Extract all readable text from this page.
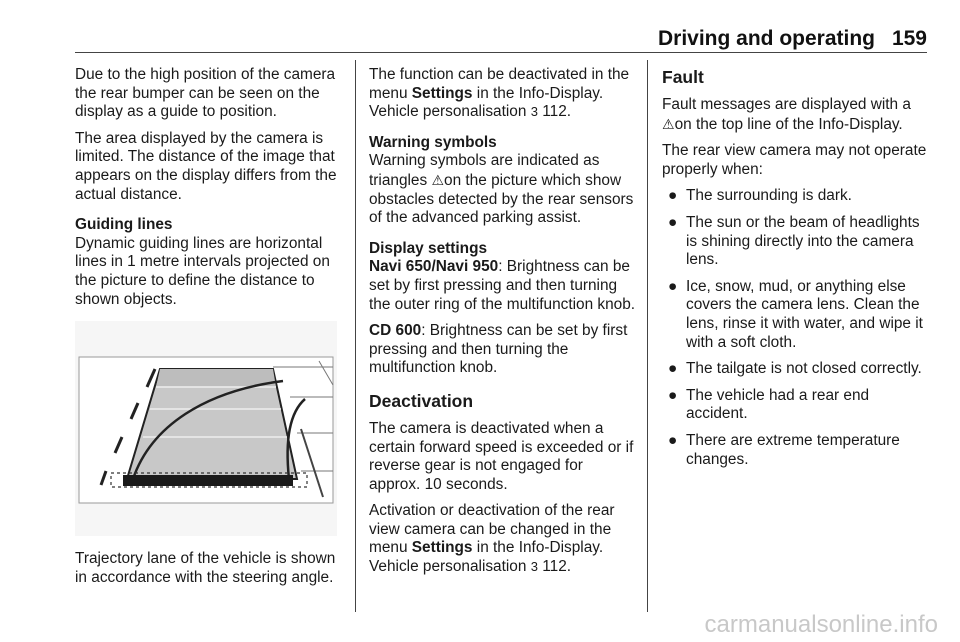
Driving and operating 159

Due to the high position of the camera the rear bumper can be seen on the display as a guide to position.

The area displayed by the camera is limited. The distance of the image that appears on the display differs from the actual distance.

Guiding lines
Dynamic guiding lines are horizontal lines in 1 metre intervals projected on the picture to define the distance to shown objects.

Trajectory lane of the vehicle is shown in accordance with the steering angle.

The function can be deactivated in the menu Settings in the Info-Display. Vehicle personalisation 3 112.

Warning symbols
Warning symbols are indicated as triangles ⚠on the picture which show obstacles detected by the rear sensors of the advanced parking assist.

Display settings
Navi 650/Navi 950: Brightness can be set by first pressing and then turning the outer ring of the multifunction knob.

CD 600: Brightness can be set by first pressing and then turning the multifunction knob.

Deactivation

The camera is deactivated when a certain forward speed is exceeded or if reverse gear is not engaged for approx. 10 seconds.

Activation or deactivation of the rear view camera can be changed in the menu Settings in the Info-Display. Vehicle personalisation 3 112.

Fault

Fault messages are displayed with a ⚠on the top line of the Info-Display.

The rear view camera may not operate properly when:

● The surrounding is dark.
● The sun or the beam of headlights is shining directly into the camera lens.
● Ice, snow, mud, or anything else covers the camera lens. Clean the lens, rinse it with water, and wipe it with a soft cloth.
● The tailgate is not closed correctly.
● The vehicle had a rear end accident.
● There are extreme temperature changes.
carmanualsonline.info
